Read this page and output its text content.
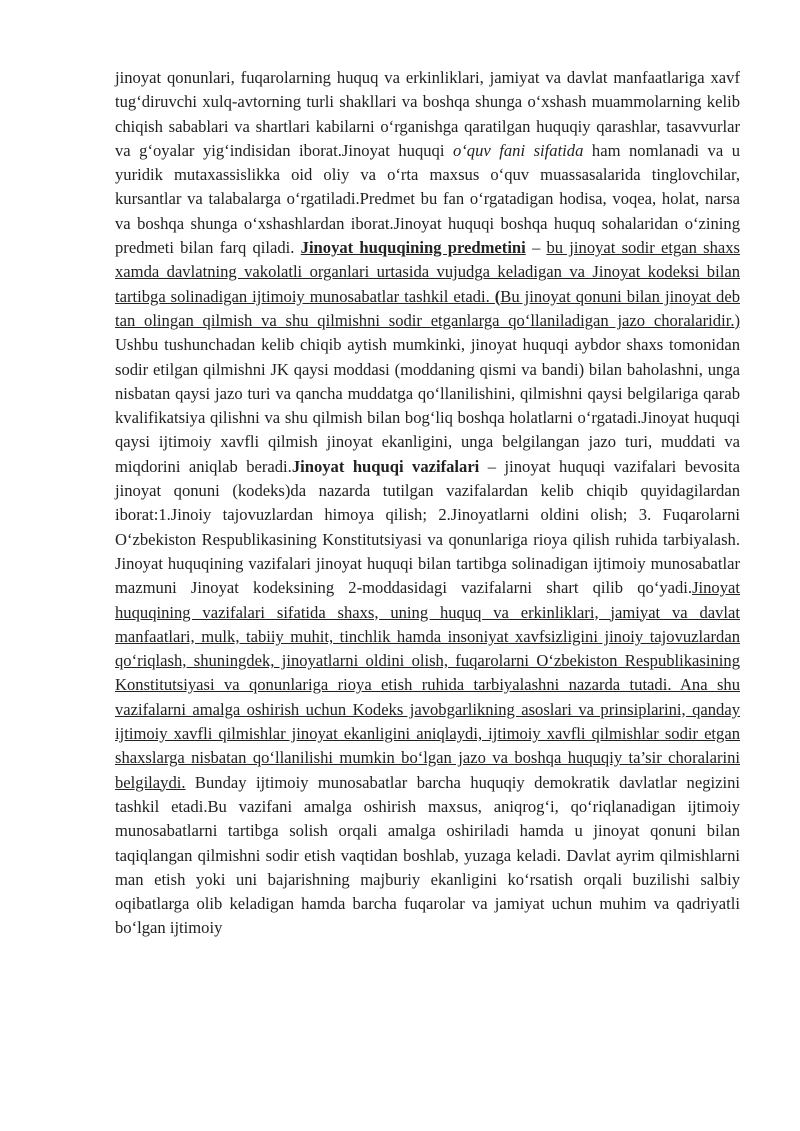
jinoyat qonunlari, fuqarolarning huquq va erkinliklari, jamiyat va davlat manfaatlariga xavf tug‘diruvchi xulq-avtorning turli shakllari va boshqa shunga o‘xshash muammolarning kelib chiqish sabablari va shartlari kabilarni o‘rganishga qaratilgan huquqiy qarashlar, tasavvurlar va g‘oyalar yig‘indisidan iborat.Jinoyat huquqi o‘quv fani sifatida ham nomlanadi va u yuridik mutaxassislikka oid oliy va o‘rta maxsus o‘quv muassasalarida tinglovchilar, kursantlar va talabalarga o‘rgatiladi.Predmet bu fan o‘rgatadigan hodisa, voqea, holat, narsa va boshqa shunga o‘xshashlardan iborat.Jinoyat huquqi boshqa huquq sohalaridan o‘zining predmeti bilan farq qiladi. Jinoyat huquqining predmetini – bu jinoyat sodir etgan shaxs xamda davlatning vakolatli organlari urtasida vujudga keladigan va Jinoyat kodeksi bilan tartibga solinadigan ijtimoiy munosabatlar tashkil etadi. (Bu jinoyat qonuni bilan jinoyat deb tan olingan qilmish va shu qilmishni sodir etganlarga qo‘llaniladigan jazo choralaridir.) Ushbu tushunchadan kelib chiqib aytish mumkinki, jinoyat huquqi aybdor shaxs tomonidan sodir etilgan qilmishni JK qaysi moddasi (moddaning qismi va bandi) bilan baholashni, unga nisbatan qaysi jazo turi va qancha muddatga qo‘llanilishini, qilmishni qaysi belgilariga qarab kvalifikatsiya qilishni va shu qilmish bilan bog‘liq boshqa holatlarni o‘rgatadi.Jinoyat huquqi qaysi ijtimoiy xavfli qilmish jinoyat ekanligini, unga belgilangan jazo turi, muddati va miqdorini aniqlab beradi.Jinoyat huquqi vazifalari – jinoyat huquqi vazifalari bevosita jinoyat qonuni (kodeks)da nazarda tutilgan vazifalardan kelib chiqib quyidagilardan iborat:1.Jinoiy tajovuzlardan himoya qilish; 2.Jinoyatlarni oldini olish; 3. Fuqarolarni O‘zbekiston Respublikasining Konstitutsiyasi va qonunlariga rioya qilish ruhida tarbiyalash. Jinoyat huquqining vazifalari jinoyat huquqi bilan tartibga solinadigan ijtimoiy munosabatlar mazmuni Jinoyat kodeksining 2-moddasidagi vazifalarni shart qilib qo‘yadi.Jinoyat huquqining vazifalari sifatida shaxs, uning huquq va erkinliklari, jamiyat va davlat manfaatlari, mulk, tabiiy muhit, tinchlik hamda insoniyat xavfsizligini jinoiy tajovuzlardan qo‘riqlash, shuningdek, jinoyatlarni oldini olish, fuqarolarni O‘zbekiston Respublikasining Konstitutsiyasi va qonunlariga rioya etish ruhida tarbiyalashni nazarda tutadi. Ana shu vazifalarni amalga oshirish uchun Kodeks javobgarlikning asoslari va prinsiplarini, qanday ijtimoiy xavfli qilmishlar jinoyat ekanligini aniqlaydi, ijtimoiy xavfli qilmishlar sodir etgan shaxslarga nisbatan qo‘llanilishi mumkin bo‘lgan jazo va boshqa huquqiy ta’sir choralarini belgilaydi. Bunday ijtimoiy munosabatlar barcha huquqiy demokratik davlatlar negizini tashkil etadi.Bu vazifani amalga oshirish maxsus, aniqrog‘i, qo‘riqlanadigan ijtimoiy munosabatlarni tartibga solish orqali amalga oshiriladi hamda u jinoyat qonuni bilan taqiqlangan qilmishni sodir etish vaqtidan boshlab, yuzaga keladi. Davlat ayrim qilmishlarni man etish yoki uni bajarishning majburiy ekanligini ko‘rsatish orqali buzilishi salbiy oqibatlarga olib keladigan hamda barcha fuqarolar va jamiyat uchun muhim va qadriyatli bo‘lgan ijtimoiy
